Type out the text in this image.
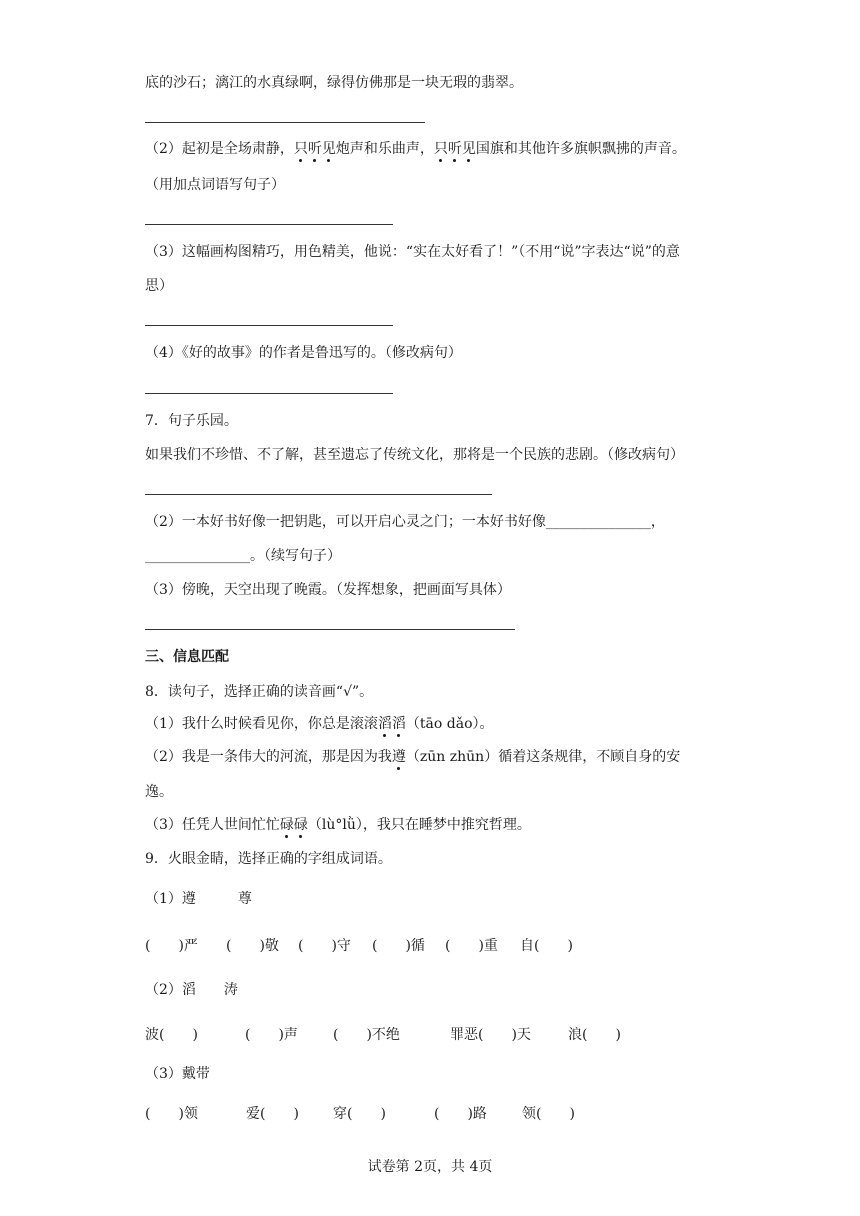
底的沙石；漓江的水真绿啊，绿得仿佛那是一块无瑕的翡翠。
（2）起初是全场肃静，只听见炮声和乐曲声，只听见国旗和其他许多旗帜飘拂的声音。
（用加点词语写句子）
（3）这幅画构图精巧，用色精美，他说：“实在太好看了！”（不用“说”字表达“说”的意
思）
（4）《好的故事》的作者是鲁迅写的。（修改病句）
7．句子乐园。
如果我们不珍惜、不了解，甚至遗忘了传统文化，那将是一个民族的悲剧。（修改病句）
（2）一本好书好像一把钥匙，可以开启心灵之门；一本好书好像_______________，
_______________。（续写句子）
（3）傍晚，天空出现了晚霞。（发挥想象，把画面写具体）
三、信息匹配
8．读句子，选择正确的读音画“√”。
（1）我什么时候看见你，你总是滚滚滔滔（tāo dǎo）。
（2）我是一条伟大的河流，那是因为我遵（zūn zhūn）循着这条规律，不顾自身的安
逸。
（3）任凭人世间忙忙碌碌（lù°lǜ），我只在睡梦中推究哲理。
9．火眼金睛，选择正确的字组成词语。
（1）遵　　　尊
(　　)严 (　　)敬 (　　)守 (　　)循 (　　)重 自(　　)
（2）滔　　涛
波(　　)	(　　)声	(　　)不绝	罪恶(　　)天	浪(　　)
（3）戴带
(　　)领	爱(　　) 穿(　　)	(　　)路	领(　　)
试卷第 2页，共 4页
